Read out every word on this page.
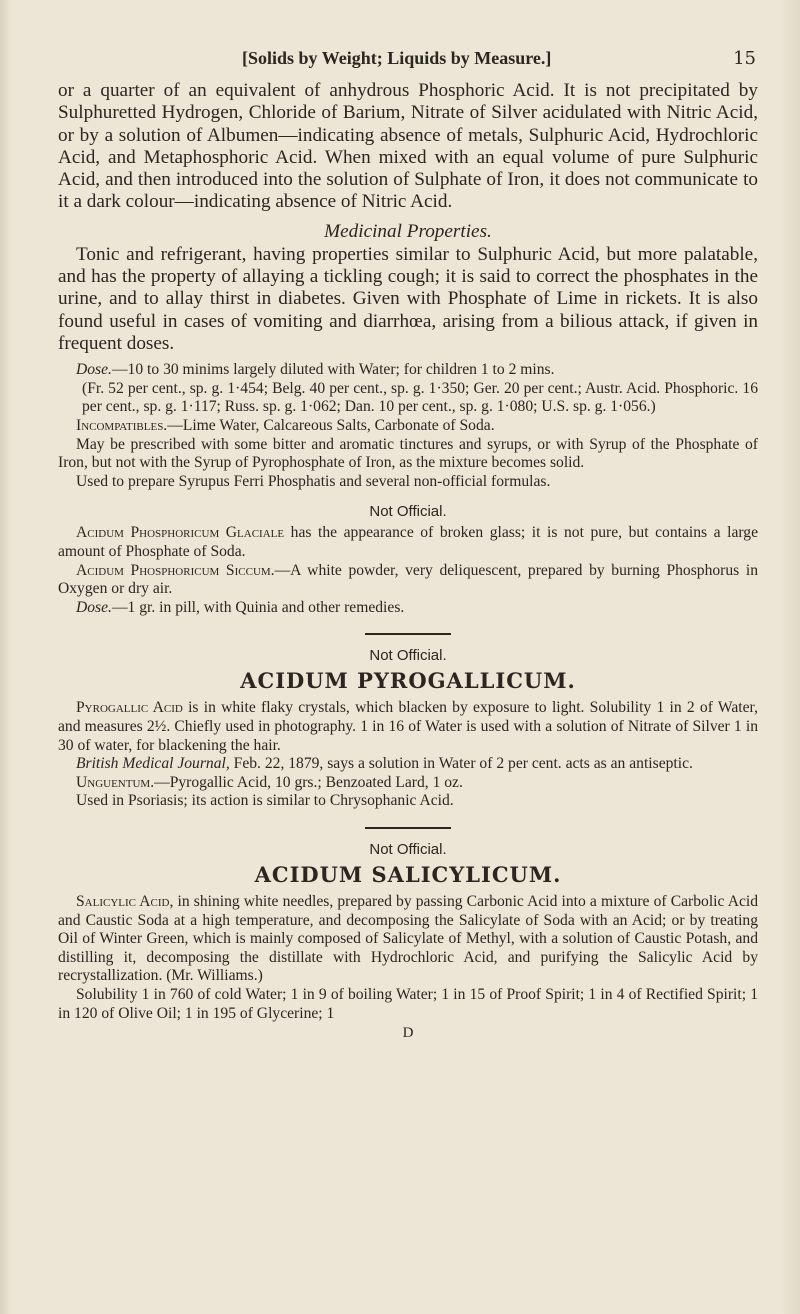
[Solids by Weight; Liquids by Measure.]	15

or a quarter of an equivalent of anhydrous Phosphoric Acid. It is not precipitated by Sulphuretted Hydrogen, Chloride of Barium, Nitrate of Silver acidulated with Nitric Acid, or by a solution of Albumen—indicating absence of metals, Sulphuric Acid, Hydrochloric Acid, and Metaphosphoric Acid. When mixed with an equal volume of pure Sulphuric Acid, and then introduced into the solution of Sulphate of Iron, it does not communicate to it a dark colour—indicating absence of Nitric Acid.

Medicinal Properties.

Tonic and refrigerant, having properties similar to Sulphuric Acid, but more palatable, and has the property of allaying a tickling cough; it is said to correct the phosphates in the urine, and to allay thirst in diabetes. Given with Phosphate of Lime in rickets. It is also found useful in cases of vomiting and diarrhœa, arising from a bilious attack, if given in frequent doses.

Dose.—10 to 30 minims largely diluted with Water; for children 1 to 2 mins.

(Fr. 52 per cent., sp. g. 1·454; Belg. 40 per cent., sp. g. 1·350; Ger. 20 per cent.; Austr. Acid. Phosphoric. 16 per cent., sp. g. 1·117; Russ. sp. g. 1·062; Dan. 10 per cent., sp. g. 1·080; U.S. sp. g. 1·056.)

Incompatibles.—Lime Water, Calcareous Salts, Carbonate of Soda.

May be prescribed with some bitter and aromatic tinctures and syrups, or with Syrup of the Phosphate of Iron, but not with the Syrup of Pyrophosphate of Iron, as the mixture becomes solid.

Used to prepare Syrupus Ferri Phosphatis and several non-official formulas.

Not Official.

Acidum Phosphoricum Glaciale has the appearance of broken glass; it is not pure, but contains a large amount of Phosphate of Soda.

Acidum Phosphoricum Siccum.—A white powder, very deliquescent, prepared by burning Phosphorus in Oxygen or dry air.

Dose.—1 gr. in pill, with Quinia and other remedies.

Not Official.

ACIDUM PYROGALLICUM.

Pyrogallic Acid is in white flaky crystals, which blacken by exposure to light. Solubility 1 in 2 of Water, and measures 2½. Chiefly used in photography. 1 in 16 of Water is used with a solution of Nitrate of Silver 1 in 30 of water, for blackening the hair.

British Medical Journal, Feb. 22, 1879, says a solution in Water of 2 per cent. acts as an antiseptic.

Unguentum.—Pyrogallic Acid, 10 grs.; Benzoated Lard, 1 oz.

Used in Psoriasis; its action is similar to Chrysophanic Acid.

Not Official.

ACIDUM SALICYLICUM.

Salicylic Acid, in shining white needles, prepared by passing Carbonic Acid into a mixture of Carbolic Acid and Caustic Soda at a high temperature, and decomposing the Salicylate of Soda with an Acid; or by treating Oil of Winter Green, which is mainly composed of Salicylate of Methyl, with a solution of Caustic Potash, and distilling it, decomposing the distillate with Hydrochloric Acid, and purifying the Salicylic Acid by recrystallization. (Mr. Williams.)

Solubility 1 in 760 of cold Water; 1 in 9 of boiling Water; 1 in 15 of Proof Spirit; 1 in 4 of Rectified Spirit; 1 in 120 of Olive Oil; 1 in 195 of Glycerine; 1

D
